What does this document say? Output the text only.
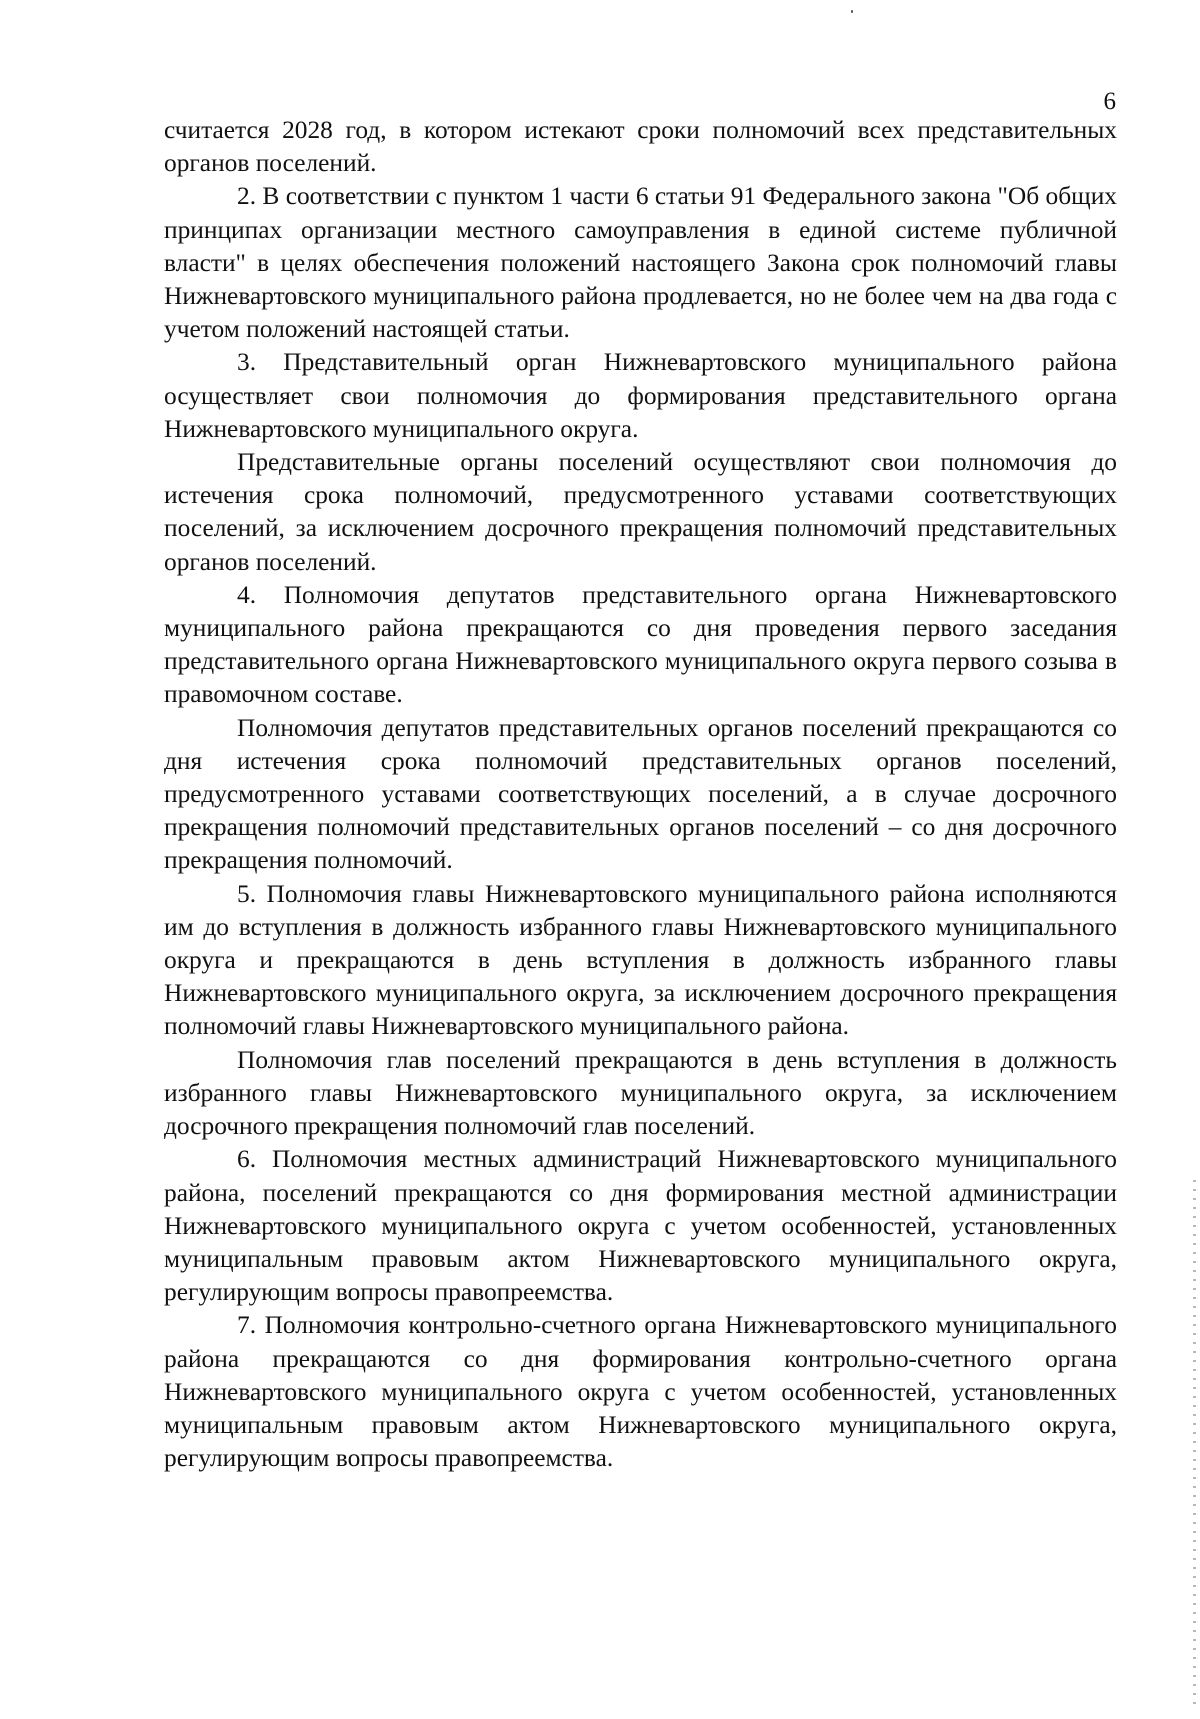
6

считается 2028 год, в котором истекают сроки полномочий всех представительных органов поселений.

2. В соответствии с пунктом 1 части 6 статьи 91 Федерального закона "Об общих принципах организации местного самоуправления в единой системе публичной власти" в целях обеспечения положений настоящего Закона срок полномочий главы Нижневартовского муниципального района продлевается, но не более чем на два года с учетом положений настоящей статьи.

3. Представительный орган Нижневартовского муниципального района осуществляет свои полномочия до формирования представительного органа Нижневартовского муниципального округа.

Представительные органы поселений осуществляют свои полномочия до истечения срока полномочий, предусмотренного уставами соответствующих поселений, за исключением досрочного прекращения полномочий представительных органов поселений.

4. Полномочия депутатов представительного органа Нижневартовского муниципального района прекращаются со дня проведения первого заседания представительного органа Нижневартовского муниципального округа первого созыва в правомочном составе.

Полномочия депутатов представительных органов поселений прекращаются со дня истечения срока полномочий представительных органов поселений, предусмотренного уставами соответствующих поселений, а в случае досрочного прекращения полномочий представительных органов поселений – со дня досрочного прекращения полномочий.

5. Полномочия главы Нижневартовского муниципального района исполняются им до вступления в должность избранного главы Нижневартовского муниципального округа и прекращаются в день вступления в должность избранного главы Нижневартовского муниципального округа, за исключением досрочного прекращения полномочий главы Нижневартовского муниципального района.

Полномочия глав поселений прекращаются в день вступления в должность избранного главы Нижневартовского муниципального округа, за исключением досрочного прекращения полномочий глав поселений.

6. Полномочия местных администраций Нижневартовского муниципального района, поселений прекращаются со дня формирования местной администрации Нижневартовского муниципального округа с учетом особенностей, установленных муниципальным правовым актом Нижневартовского муниципального округа, регулирующим вопросы правопреемства.

7. Полномочия контрольно-счетного органа Нижневартовского муниципального района прекращаются со дня формирования контрольно-счетного органа Нижневартовского муниципального округа с учетом особенностей, установленных муниципальным правовым актом Нижневартовского муниципального округа, регулирующим вопросы правопреемства.
